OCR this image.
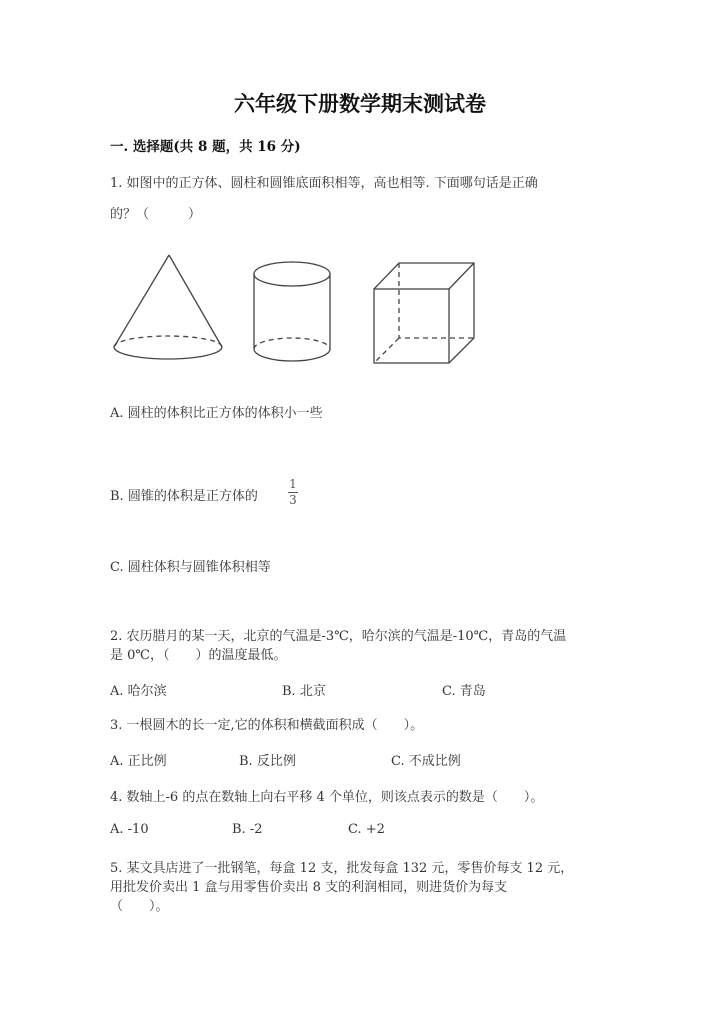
六年级下册数学期末测试卷
一. 选择题(共 8 题，共 16 分)
1. 如图中的正方体、圆柱和圆锥底面积相等，高也相等. 下面哪句话是正确
的？（　　　）
A. 圆柱的体积比正方体的体积小一些
B. 圆锥的体积是正方体的
1
3
C. 圆柱体积与圆锥体积相等
2. 农历腊月的某一天，北京的气温是-3℃，哈尔滨的气温是-10℃，青岛的气温
是 0℃，（　　）的温度最低。
A. 哈尔滨	B. 北京	C. 青岛
3. 一根圆木的长一定,它的体积和横截面积成（　　）。
A. 正比例	B. 反比例	C. 不成比例
4. 数轴上-6 的点在数轴上向右平移 4 个单位，则该点表示的数是（　　）。
A. -10	B. -2	C. +2
5. 某文具店进了一批钢笔，每盒 12 支，批发每盒 132 元，零售价每支 12 元，
用批发价卖出 1 盒与用零售价卖出 8 支的利润相同，则进货价为每支
（　　）。
